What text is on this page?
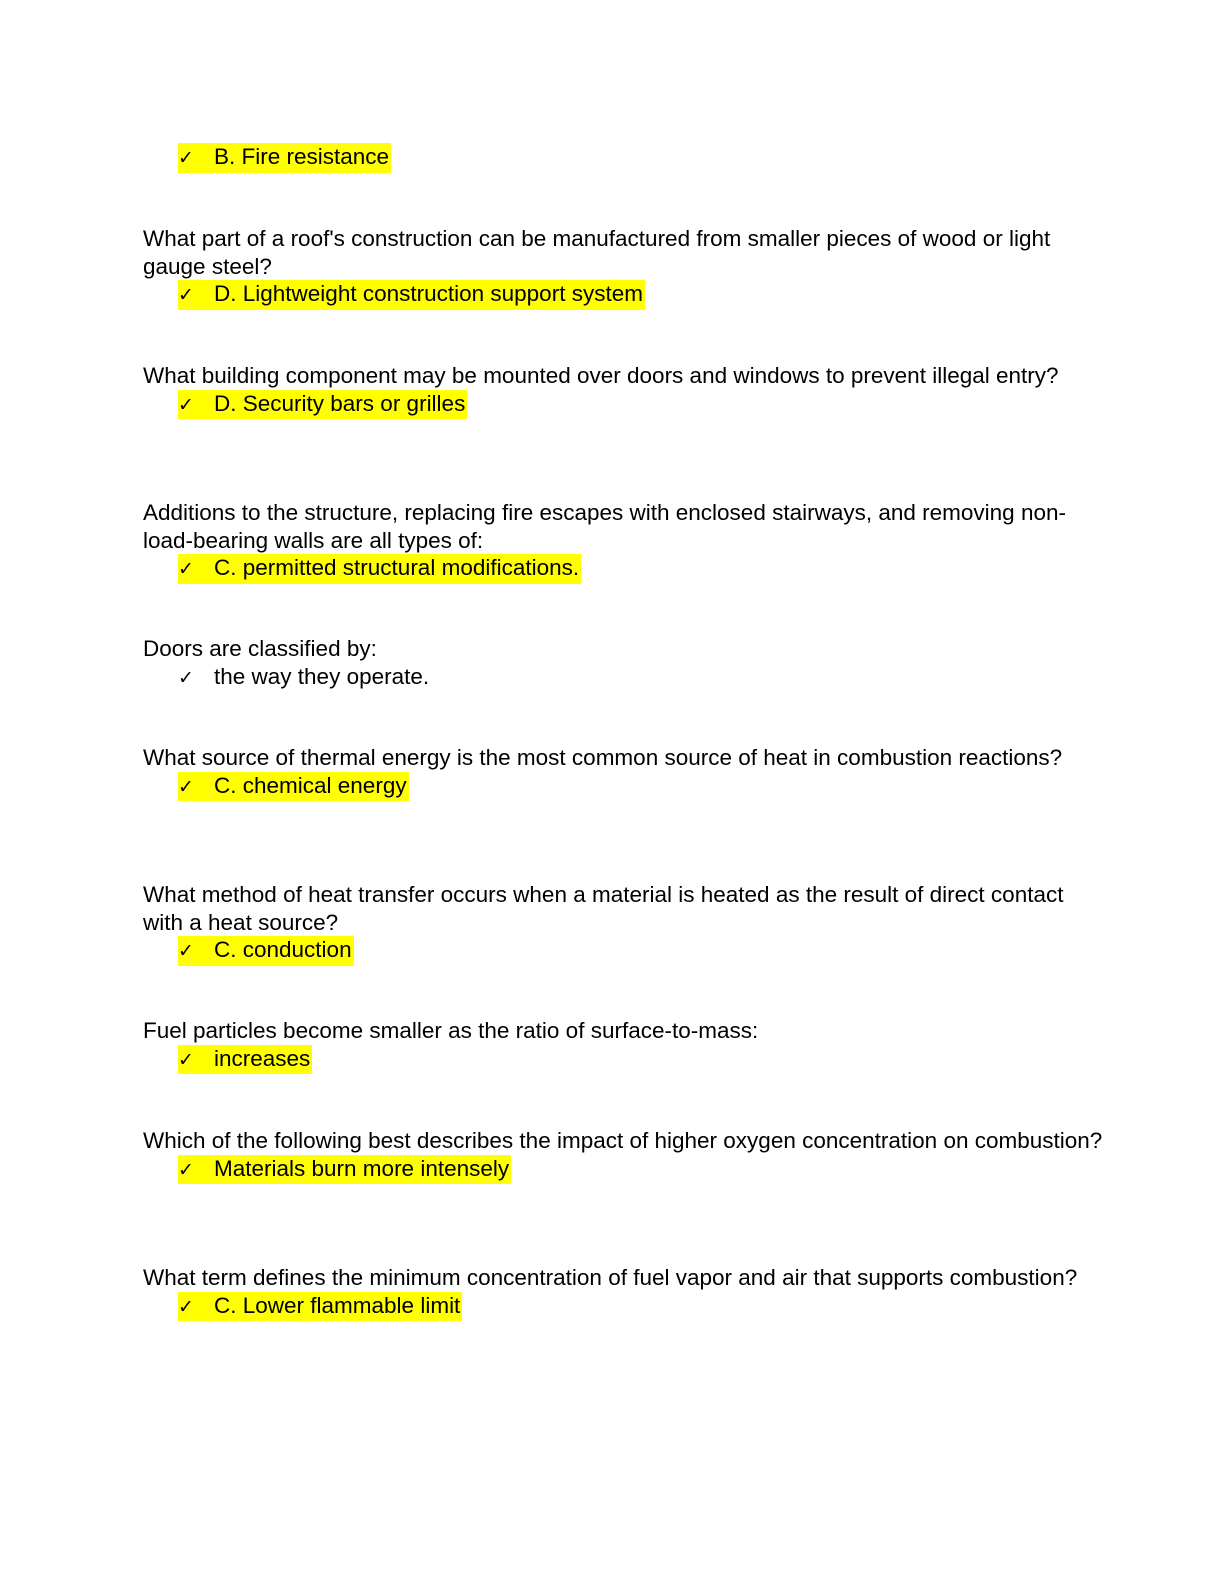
✓ B. Fire resistance

What part of a roof's construction can be manufactured from smaller pieces of wood or light gauge steel?

✓ D. Lightweight construction support system

What building component may be mounted over doors and windows to prevent illegal entry?

✓ D. Security bars or grilles

Additions to the structure, replacing fire escapes with enclosed stairways, and removing non-load-bearing walls are all types of:

✓ C. permitted structural modifications.

Doors are classified by:

✓ the way they operate.

What source of thermal energy is the most common source of heat in combustion reactions?

✓ C. chemical energy

What method of heat transfer occurs when a material is heated as the result of direct contact with a heat source?

✓ C. conduction

Fuel particles become smaller as the ratio of surface-to-mass:

✓ increases

Which of the following best describes the impact of higher oxygen concentration on combustion?

✓ Materials burn more intensely

What term defines the minimum concentration of fuel vapor and air that supports combustion?

✓ C. Lower flammable limit
